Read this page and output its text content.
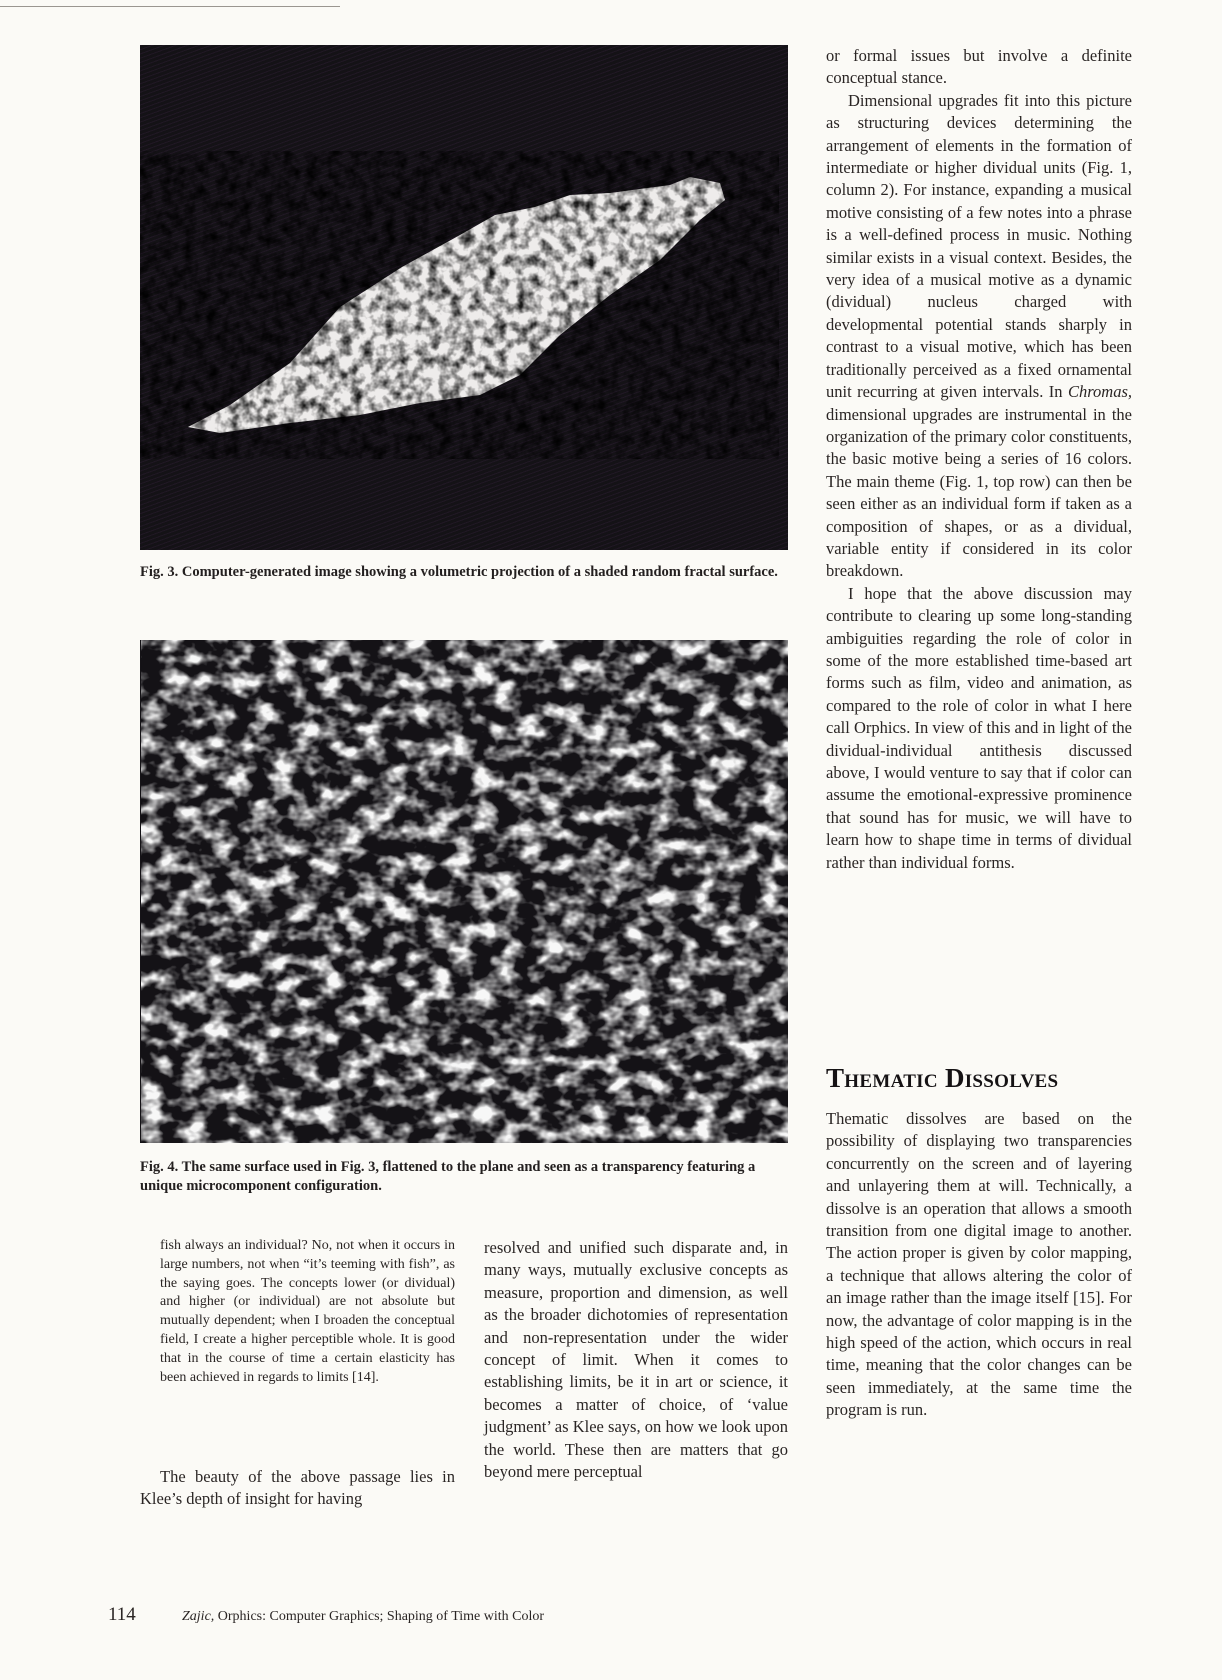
Fig. 3. Computer-generated image showing a volumetric projection of a shaded random fractal surface.
Fig. 4. The same surface used in Fig. 3, flattened to the plane and seen as a transparency featuring a unique microcomponent configuration.

fish always an individual? No, not when it occurs in large numbers, not when “it’s teeming with fish”, as the saying goes. The concepts lower (or dividual) and higher (or individual) are not absolute but mutually dependent; when I broaden the conceptual field, I create a higher perceptible whole. It is good that in the course of time a certain elasticity has been achieved in regards to limits [14].

The beauty of the above passage lies in Klee’s depth of insight for having

resolved and unified such disparate and, in many ways, mutually exclusive concepts as measure, proportion and dimension, as well as the broader dichotomies of representation and non-representation under the wider concept of limit. When it comes to establishing limits, be it in art or science, it becomes a matter of choice, of ‘value judgment’ as Klee says, on how we look upon the world. These then are matters that go beyond mere perceptual

or formal issues but involve a definite conceptual stance.

Dimensional upgrades fit into this picture as structuring devices determining the arrangement of elements in the formation of intermediate or higher dividual units (Fig. 1, column 2). For instance, expanding a musical motive consisting of a few notes into a phrase is a well-defined process in music. Nothing similar exists in a visual context. Besides, the very idea of a musical motive as a dynamic (dividual) nucleus charged with developmental potential stands sharply in contrast to a visual motive, which has been traditionally perceived as a fixed ornamental unit recurring at given intervals. In Chromas, dimensional upgrades are instrumental in the organization of the primary color constituents, the basic motive being a series of 16 colors. The main theme (Fig. 1, top row) can then be seen either as an individual form if taken as a composition of shapes, or as a dividual, variable entity if considered in its color breakdown.

I hope that the above discussion may contribute to clearing up some long-standing ambiguities regarding the role of color in some of the more established time-based art forms such as film, video and animation, as compared to the role of color in what I here call Orphics. In view of this and in light of the dividual-individual antithesis discussed above, I would venture to say that if color can assume the emotional-expressive prominence that sound has for music, we will have to learn how to shape time in terms of dividual rather than individual forms.

Thematic Dissolves

Thematic dissolves are based on the possibility of displaying two transparencies concurrently on the screen and of layering and unlayering them at will. Technically, a dissolve is an operation that allows a smooth transition from one digital image to another. The action proper is given by color mapping, a technique that allows altering the color of an image rather than the image itself [15]. For now, the advantage of color mapping is in the high speed of the action, which occurs in real time, meaning that the color changes can be seen immediately, at the same time the program is run.

114	Zajic, Orphics: Computer Graphics; Shaping of Time with Color
